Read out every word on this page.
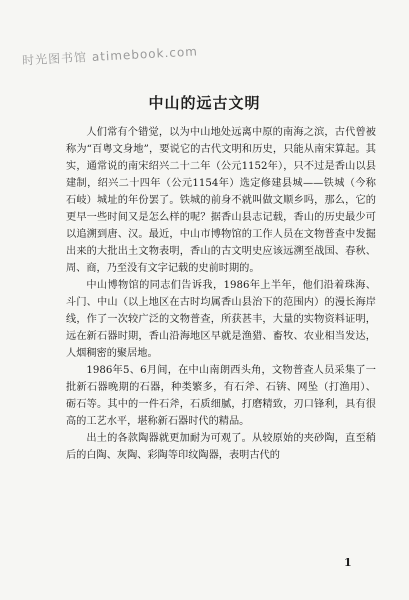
时光图书馆 atimebook.com
中山的远古文明

人们常有个错觉，以为中山地处远离中原的南海之滨，古代曾被称为“百粤文身地”，要说它的古代文明和历史，只能从南宋算起。其实，通常说的南宋绍兴二十二年（公元1152年），只不过是香山以县建制，绍兴二十四年（公元1154年）选定修建县城——铁城（今称石岐）城址的年份罢了。铁城的前身不就叫做文顺乡吗，那么，它的更早一些时间又是怎么样的呢？据香山县志记载，香山的历史最少可以追溯到唐、汉。最近，中山市博物馆的工作人员在文物普查中发掘出来的大批出土文物表明，香山的古文明史应该远溯至战国、春秋、周、商，乃至没有文字记载的史前时期的。

中山博物馆的同志们告诉我，1986年上半年，他们沿着珠海、斗门、中山（以上地区在古时均属香山县治下的范围内）的漫长海岸线，作了一次较广泛的文物普查，所获甚丰，大量的实物资料证明，远在新石器时期，香山沿海地区早就是渔猎、畜牧、农业相当发达，人烟稠密的聚居地。

1986年5、6月间，在中山南朗西头角，文物普查人员采集了一批新石器晚期的石器，种类繁多，有石斧、石锛、网坠（打渔用）、砺石等。其中的一件石斧，石质细腻，打磨精致，刃口锋利，具有很高的工艺水平，堪称新石器时代的精品。

出土的各款陶器就更加耐为可观了。从较原始的夹砂陶，直至稍后的白陶、灰陶、彩陶等印纹陶器，表明古代的

1
